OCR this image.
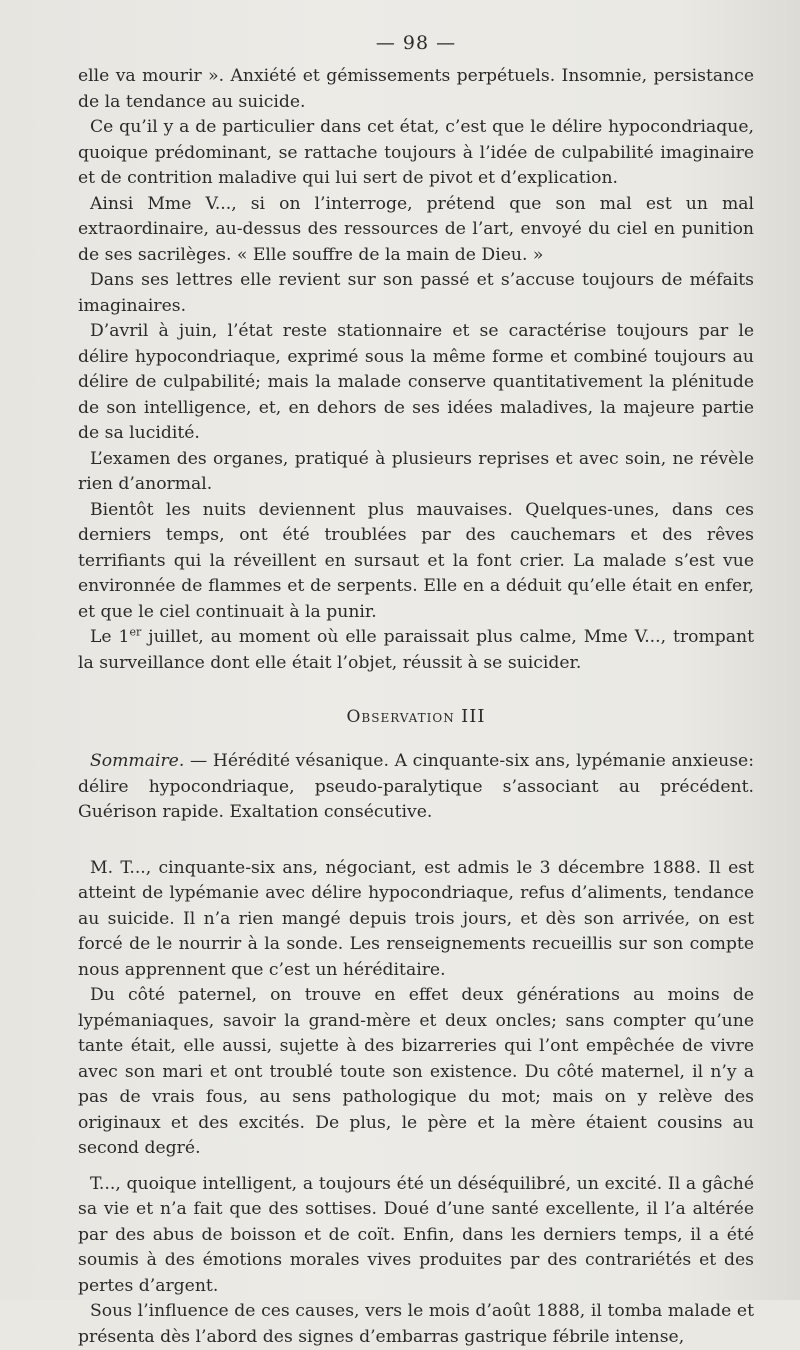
— 98 —

elle va mourir ». Anxiété et gémissements perpétuels. Insomnie, persistance de la tendance au suicide.

Ce qu’il y a de particulier dans cet état, c’est que le délire hypocondriaque, quoique prédominant, se rattache toujours à l’idée de culpabilité imaginaire et de contrition maladive qui lui sert de pivot et d’explication.

Ainsi Mme V..., si on l’interroge, prétend que son mal est un mal extraordinaire, au-dessus des ressources de l’art, envoyé du ciel en punition de ses sacrilèges. « Elle souffre de la main de Dieu. »

Dans ses lettres elle revient sur son passé et s’accuse toujours de méfaits imaginaires.

D’avril à juin, l’état reste stationnaire et se caractérise toujours par le délire hypocondriaque, exprimé sous la même forme et combiné toujours au délire de culpabilité; mais la malade conserve quantitativement la plénitude de son intelligence, et, en dehors de ses idées maladives, la majeure partie de sa lucidité.

L’examen des organes, pratiqué à plusieurs reprises et avec soin, ne révèle rien d’anormal.

Bientôt les nuits deviennent plus mauvaises. Quelques-unes, dans ces derniers temps, ont été troublées par des cauchemars et des rêves terrifiants qui la réveillent en sursaut et la font crier. La malade s’est vue environnée de flammes et de serpents. Elle en a déduit qu’elle était en enfer, et que le ciel continuait à la punir.

Le 1er juillet, au moment où elle paraissait plus calme, Mme V..., trompant la surveillance dont elle était l’objet, réussit à se suicider.

Observation III

Sommaire. — Hérédité vésanique. A cinquante-six ans, lypémanie anxieuse: délire hypocondriaque, pseudo-paralytique s’associant au précédent. Guérison rapide. Exaltation consécutive.

M. T..., cinquante-six ans, négociant, est admis le 3 décembre 1888. Il est atteint de lypémanie avec délire hypocondriaque, refus d’aliments, tendance au suicide. Il n’a rien mangé depuis trois jours, et dès son arrivée, on est forcé de le nourrir à la sonde. Les renseignements recueillis sur son compte nous apprennent que c’est un héréditaire.

Du côté paternel, on trouve en effet deux générations au moins de lypémaniaques, savoir la grand-mère et deux oncles; sans compter qu’une tante était, elle aussi, sujette à des bizarreries qui l’ont empêchée de vivre avec son mari et ont troublé toute son existence. Du côté maternel, il n’y a pas de vrais fous, au sens pathologique du mot; mais on y relève des originaux et des excités. De plus, le père et la mère étaient cousins au second degré.

T..., quoique intelligent, a toujours été un déséquilibré, un excité. Il a gâché sa vie et n’a fait que des sottises. Doué d’une santé excellente, il l’a altérée par des abus de boisson et de coït. Enfin, dans les derniers temps, il a été soumis à des émotions morales vives produites par des contrariétés et des pertes d’argent.

Sous l’influence de ces causes, vers le mois d’août 1888, il tomba malade et présenta dès l’abord des signes d’embarras gastrique fébrile intense,
